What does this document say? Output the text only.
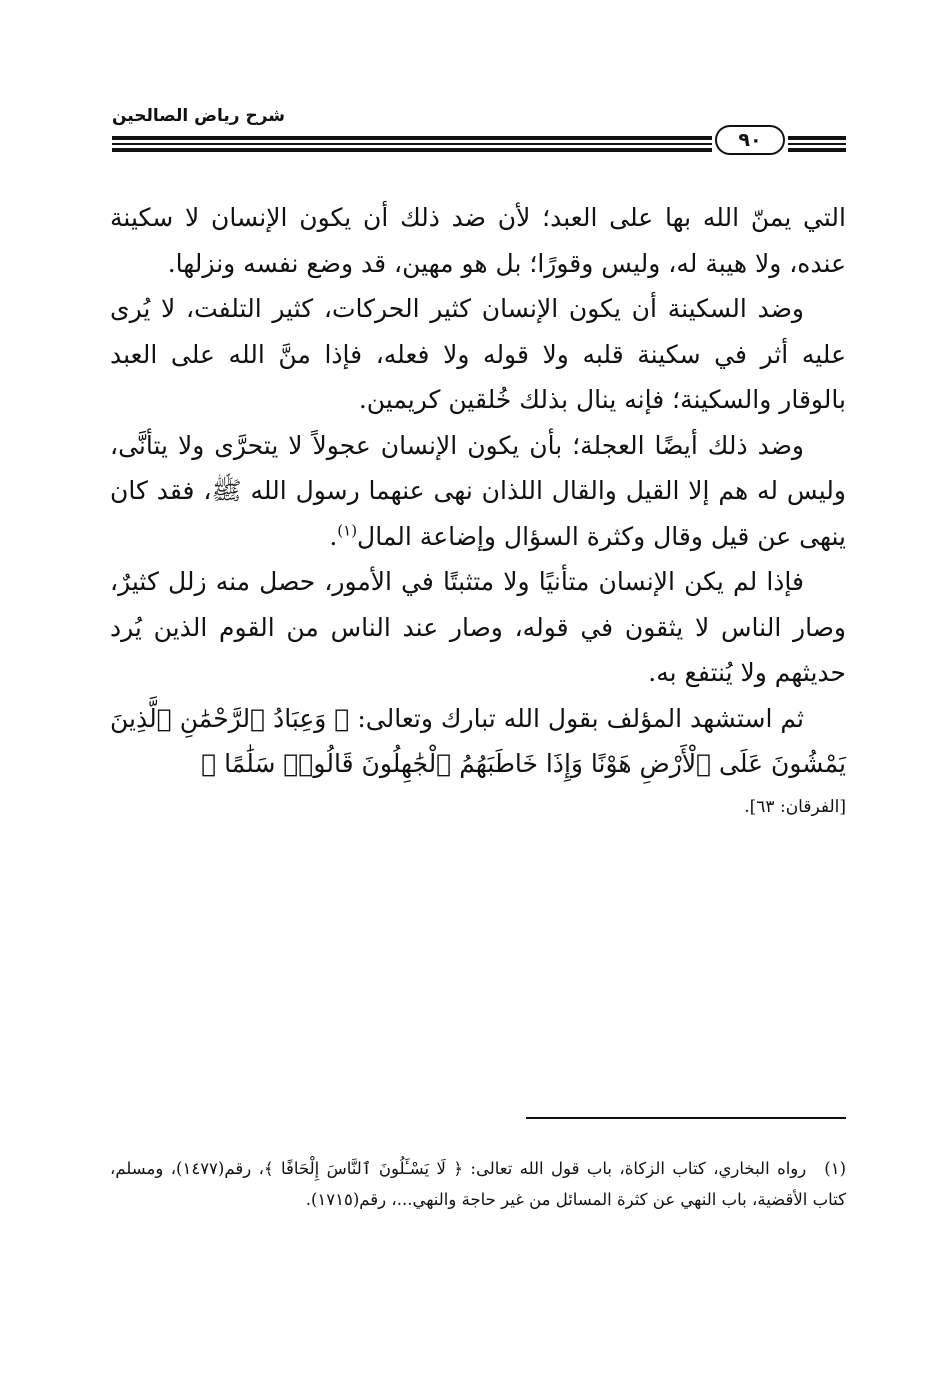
شرح رياض الصالحين
٩٠

التي يمنّ الله بها على العبد؛ لأن ضد ذلك أن يكون الإنسان لا سكينة عنده، ولا هيبة له، وليس وقورًا؛ بل هو مهين، قد وضع نفسه ونزلها.

وضد السكينة أن يكون الإنسان كثير الحركات، كثير التلفت، لا يُرى عليه أثر في سكينة قلبه ولا قوله ولا فعله، فإذا منَّ الله على العبد بالوقار والسكينة؛ فإنه ينال بذلك خُلقين كريمين.

وضد ذلك أيضًا العجلة؛ بأن يكون الإنسان عجولاً لا يتحرَّى ولا يتأنَّى، وليس له هم إلا القيل والقال اللذان نهى عنهما رسول الله ﷺ، فقد كان ينهى عن قيل وقال وكثرة السؤال وإضاعة المال$^{(١)}$.

فإذا لم يكن الإنسان متأنيًا ولا متثبتًا في الأمور، حصل منه زلل كثيرٌ، وصار الناس لا يثقون في قوله، وصار عند الناس من القوم الذين يُرد حديثهم ولا يُنتفع به.

ثم استشهد المؤلف بقول الله تبارك وتعالى: ﴿ وَعِبَادُ ٱلرَّحْمَٰنِ ٱلَّذِينَ يَمْشُونَ عَلَى ٱلْأَرْضِ هَوْنًا وَإِذَا خَاطَبَهُمُ ٱلْجَٰهِلُونَ قَالُوا۟ سَلَٰمًا ﴾

[الفرقان: ٦٣].
(١)رواه البخاري، كتاب الزكاة، باب قول الله تعالى: ﴿ لَا يَسْـَٔلُونَ ٱلنَّاسَ إِلْحَافًا ﴾، رقم(١٤٧٧)، ومسلم، كتاب الأقضية، باب النهي عن كثرة المسائل من غير حاجة والنهي...، رقم(١٧١٥).
